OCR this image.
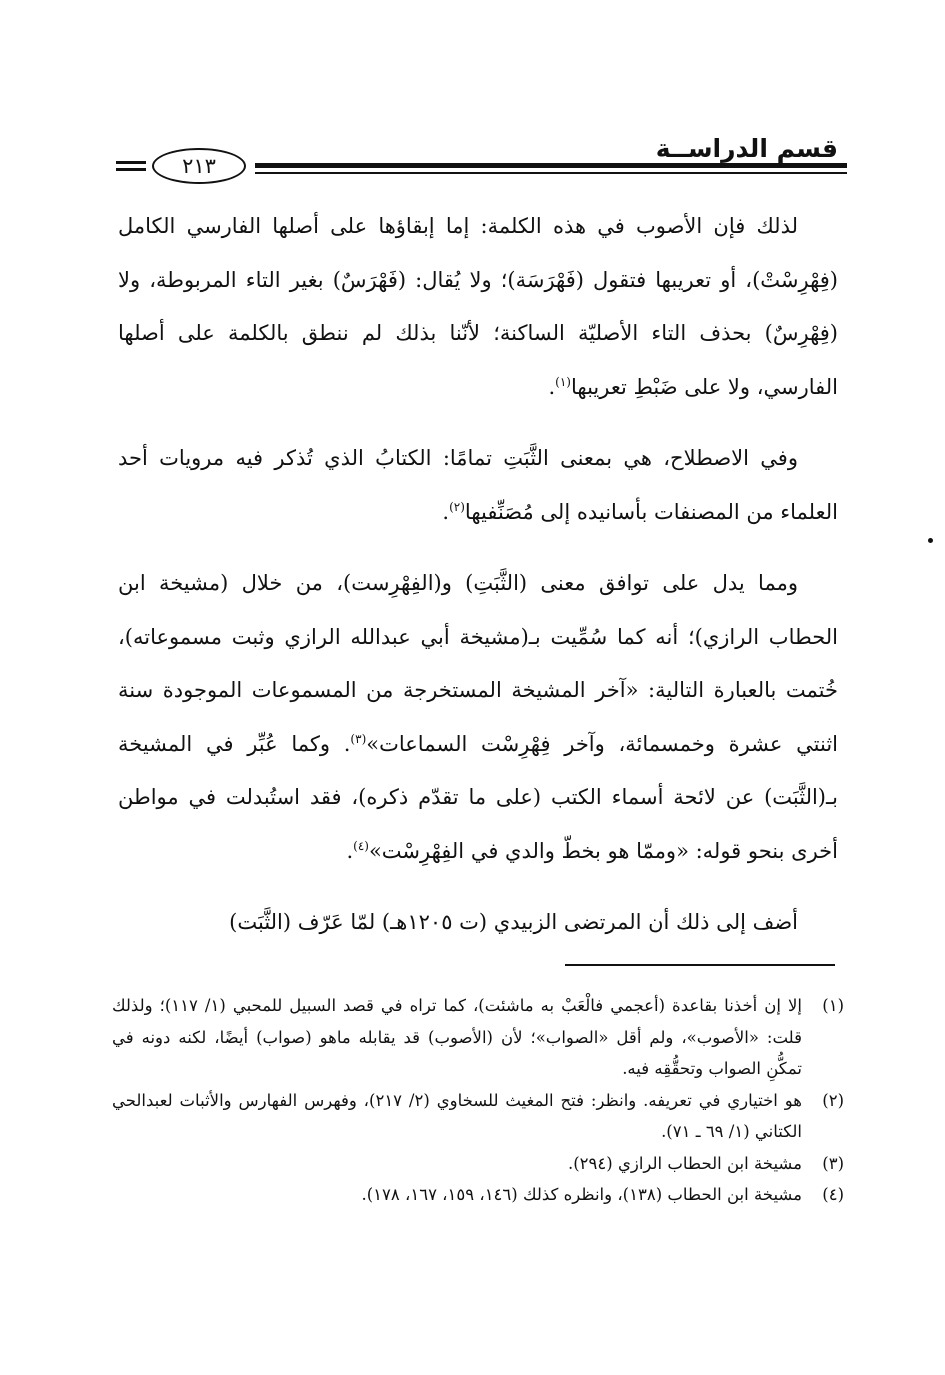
قسم الدراســة
٢١٣

لذلك فإن الأصوب في هذه الكلمة: إما إبقاؤها على أصلها الفارسي الكامل (فِهْرِسْتْ)، أو تعريبها فتقول (فَهْرَسَة)؛ ولا يُقال: (فَهْرَسٌ) بغير التاء المربوطة، ولا (فِهْرِسٌ) بحذف التاء الأصليّة الساكنة؛ لأنّنا بذلك لم ننطق بالكلمة على أصلها الفارسي، ولا على ضَبْطِ تعريبها$^{(١)}$.

وفي الاصطلاح، هي بمعنى الثَّبَتِ تمامًا: الكتابُ الذي تُذكر فيه مرويات أحد العلماء من المصنفات بأسانيده إلى مُصَنِّفيها$^{(٢)}$.

ومما يدل على توافق معنى (الثَّبَتِ) و(الفِهْرِست)، من خلال (مشيخة ابن الحطاب الرازي)؛ أنه كما سُمِّيت بـ(مشيخة أبي عبدالله الرازي وثبت مسموعاته)، خُتمت بالعبارة التالية: «آخر المشيخة المستخرجة من المسموعات الموجودة سنة اثنتي عشرة وخمسمائة، وآخر فِهْرِسْت السماعات»$^{(٣)}$. وكما عُبِّر في المشيخة بـ(الثَّبَت) عن لائحة أسماء الكتب (على ما تقدّم ذكره)، فقد استُبدلت في مواطن أخرى بنحو قوله: «وممّا هو بخطّ والدي في الفِهْرِسْت»$^{(٤)}$.

أضف إلى ذلك أن المرتضى الزبيدي (ت ١٢٠٥هـ) لمّا عَرّف (الثَّبَت)

(١)
إلا إن أخذنا بقاعدة (أعجمي فالْعَبْ به ماشئت)، كما تراه في قصد السبيل للمحبي (١/ ١١٧)؛ ولذلك قلت: «الأصوب»، ولم أقل «الصواب»؛ لأن (الأصوب) قد يقابله ماهو (صواب) أيضًا، لكنه دونه في تمكُّنِ الصواب وتحقُّقِه فيه.
(٢)
هو اختياري في تعريفه. وانظر: فتح المغيث للسخاوي (٢/ ٢١٧)، وفهرس الفهارس والأثبات لعبدالحي الكتاني (١/ ٦٩ ـ ٧١).
(٣)
مشيخة ابن الحطاب الرازي (٢٩٤).
(٤)
مشيخة ابن الحطاب (١٣٨)، وانظره كذلك (١٤٦، ١٥٩، ١٦٧، ١٧٨).
